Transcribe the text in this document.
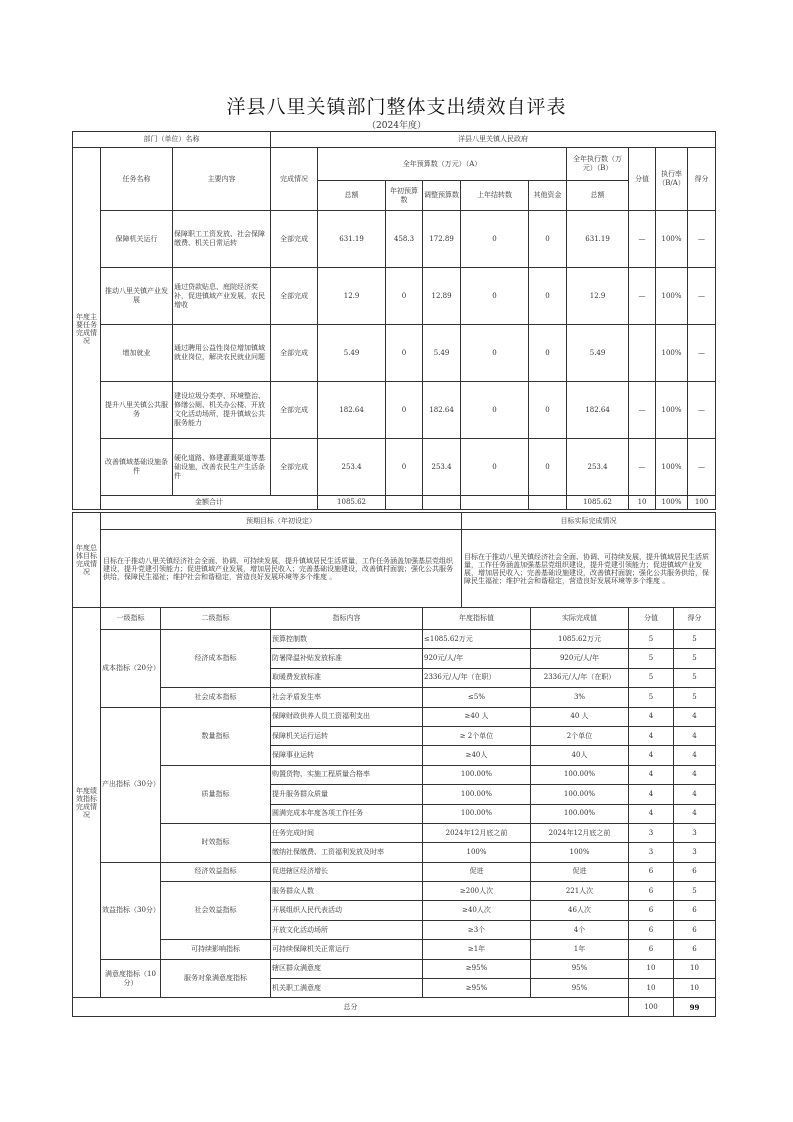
洋县八里关镇部门整体支出绩效自评表
（2024年度）
部门（单位）名称			洋县八里关镇人民政府									
年度主要任务完成情况	任务名称	主要内容	完成情况	全年预算数（万元）（A）					全年执行数（万元）（B）	分值	执行率（B/A）	得分
				总额	年初预算数	调整预算数	上年结转数	其他资金	总额			
	保障机关运行	保障职工工资发放、社会保障缴费、机关日常运转	全部完成	631.19	458.3	172.89	0	0	631.19	—	100%	—
	推动八里关镇产业发展	通过贷款贴息、庭院经济奖补，促进镇域产业发展，农民增收	全部完成	12.9	0	12.89	0	0	12.9	—	100%	—
	增加就业	通过聘用公益性岗位增加镇域就业岗位，解决农民就业问题	全部完成	5.49	0	5.49	0	0	5.49		100%	—
	提升八里关镇公共服务	建设垃圾分类亭、环境整治、修缮公厕、机关办公楼、开放文化活动场所，提升镇域公共服务能力	全部完成	182.64	0	182.64	0	0	182.64	—	100%	—
	改善镇域基础设施条件	硬化道路、修建灌溉渠道等基础设施，改善农民生产生活条件	全部完成	253.4	0	253.4	0	0	253.4	—	100%	—
	金额合计			1085.62					1085.62	10	100%	100
年度总体目标完成情况	预期目标（年初设定）	目标实际完成情况
	目标在于推动八里关镇经济社会全面、协调、可持续发展，提升镇域居民生活质量，工作任务涵盖加强基层党组织建设，提升党建引领能力；促进镇域产业发展，增加居民收入；完善基础设施建设，改善镇村面貌；强化公共服务供给，保障民生福祉；维护社会和谐稳定，营造良好发展环境等多个维度 。	目标在于推动八里关镇经济社会全面、协调、可持续发展，提升镇域居民生活质量，工作任务涵盖加强基层党组织建设，提升党建引领能力；促进镇域产业发展，增加居民收入；完善基础设施建设，改善镇村面貌；强化公共服务供给，保障民生福祉；维护社会和谐稳定，营造良好发展环境等多个维度 。
年度绩效指标完成情况	一级指标	二级指标	指标内容	年度指标值	实际完成值	分值	得分
	成本指标（20分）	经济成本指标	预算控制数	≤1085.62万元	1085.62万元	5	5
			防暑降温补贴发放标准	920元/人/年	920元/人/年	5	5
			取暖费发放标准	2336元/人/年（在职）	2336元/人/年（在职）	5	5
		社会成本指标	社会矛盾发生率	≤5%	3%	5	5
	产出指标（30分）	数量指标	保障财政供养人员工资福利支出	≥40 人	40 人	4	4
			保障机关运行运转	≥ 2个单位	2个单位	4	4
			保障事业运转	≥40人	40人	4	4
		质量指标	购置货物、实施工程质量合格率	100.00%	100.00%	4	4
			提升服务群众质量	100.00%	100.00%	4	4
			圆满完成本年度各项工作任务	100.00%	100.00%	4	4
		时效指标	任务完成时间	2024年12月底之前	2024年12月底之前	3	3
			缴纳社保缴费、工资福利发放及时率	100%	100%	3	3
	效益指标（30分）	经济效益指标	促进辖区经济增长	促进	促进	6	6
		社会效益指标	服务群众人数	≥200人次	221人次	6	5
			开展组织人民代表活动	≥40人次	46人次	6	6
			开放文化活动场所	≥3个	4个	6	6
		可持续影响指标	可持续保障机关正常运行	≥1年	1年	6	6
	满意度指标（10分）	服务对象满意度指标	辖区群众满意度	≥95%	95%	10	10
			机关职工满意度	≥95%	95%	10	10
总分						100	99
